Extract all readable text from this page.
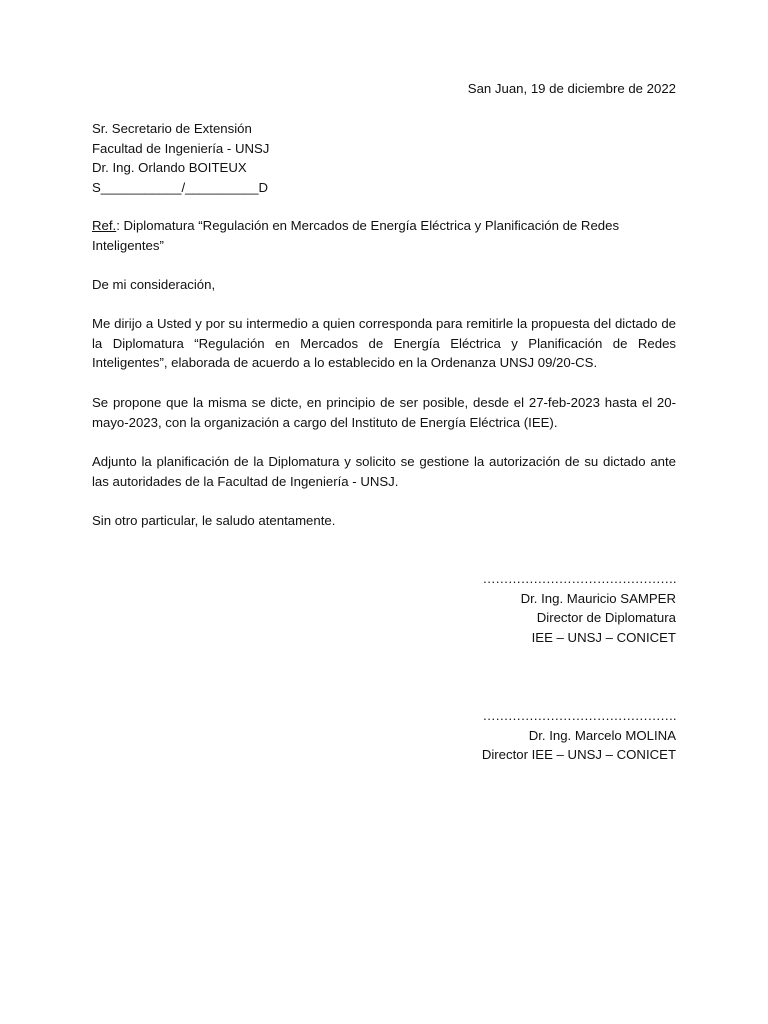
San Juan, 19 de diciembre de 2022
Sr. Secretario de Extensión
Facultad de Ingeniería - UNSJ
Dr. Ing. Orlando BOITEUX
S___________/__________D
Ref.: Diplomatura “Regulación en Mercados de Energía Eléctrica y Planificación de Redes Inteligentes”
De mi consideración,
Me dirijo a Usted y por su intermedio a quien corresponda para remitirle la propuesta del dictado de la Diplomatura “Regulación en Mercados de Energía Eléctrica y Planificación de Redes Inteligentes”, elaborada de acuerdo a lo establecido en la Ordenanza UNSJ 09/20-CS.
Se propone que la misma se dicte, en principio de ser posible, desde el 27-feb-2023 hasta el 20-mayo-2023, con la organización a cargo del Instituto de Energía Eléctrica (IEE).
Adjunto la planificación de la Diplomatura y solicito se gestione la autorización de su dictado ante las autoridades de la Facultad de Ingeniería - UNSJ.
Sin otro particular, le saludo atentamente.
……………………………………….
Dr. Ing. Mauricio SAMPER
Director de Diplomatura
IEE – UNSJ – CONICET
……………………………………….
Dr. Ing. Marcelo MOLINA
Director IEE – UNSJ – CONICET
